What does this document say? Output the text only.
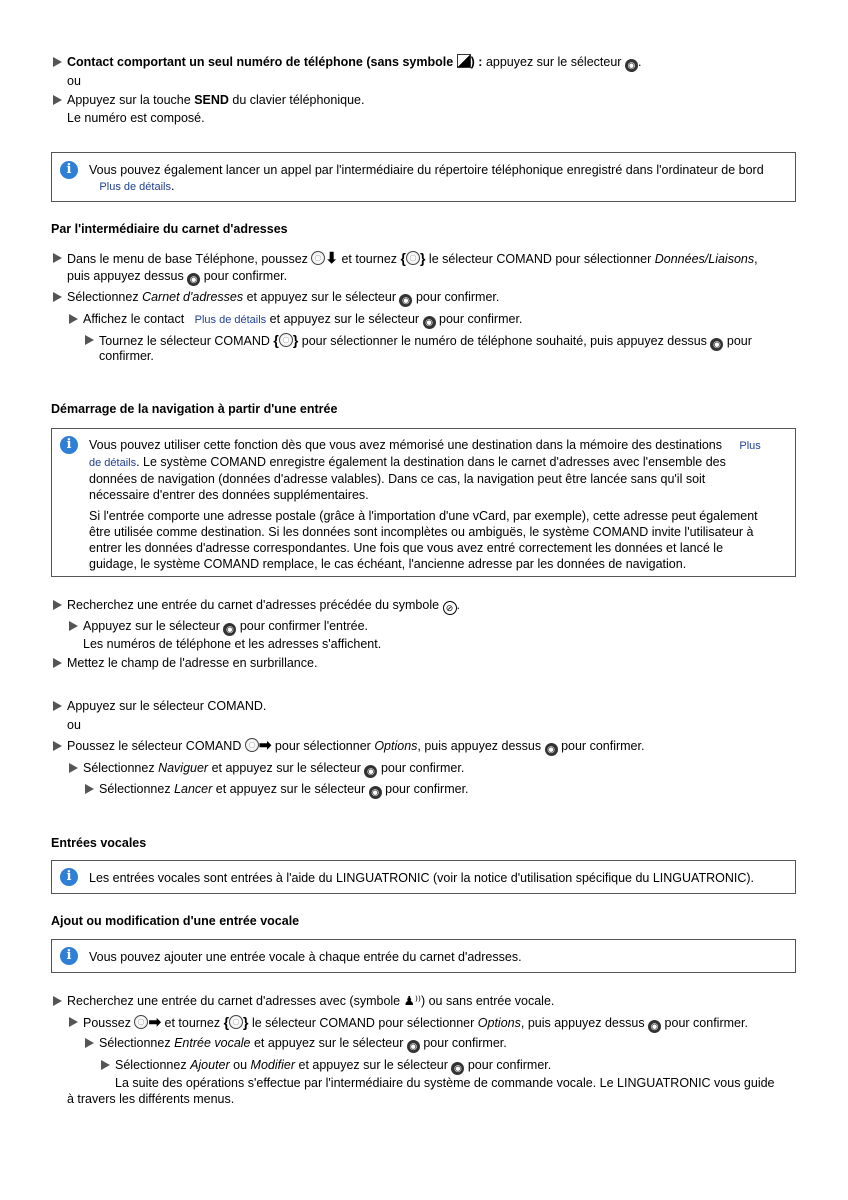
Contact comportant un seul numéro de téléphone (sans symbole ) : appuyez sur le sélecteur ◉ .
ou
Appuyez sur la touche SEND du clavier téléphonique.
Le numéro est composé.
i	Vous pouvez également lancer un appel par l'intermédiaire du répertoire téléphonique enregistré dans l'ordinateur de bord
Plus de détails.
Par l'intermédiaire du carnet d'adresses
Dans le menu de base Téléphone, poussez ⬇ et tournez { } le sélecteur COMAND pour sélectionner Données/Liaisons,
puis appuyez dessus ◉ pour confirmer.
Sélectionnez Carnet d'adresses et appuyez sur le sélecteur ◉ pour confirmer.
Affichez le contact Plus de détails et appuyez sur le sélecteur ◉ pour confirmer.
Tournez le sélecteur COMAND { } pour sélectionner le numéro de téléphone souhaité, puis appuyez dessus ◉ pour
confirmer.
Démarrage de la navigation à partir d'une entrée
i	Vous pouvez utiliser cette fonction dès que vous avez mémorisé une destination dans la mémoire des destinations Plus
de détails. Le système COMAND enregistre également la destination dans le carnet d'adresses avec l'ensemble des
données de navigation (données d'adresse valables). Dans ce cas, la navigation peut être lancée sans qu'il soit
nécessaire d'entrer des données supplémentaires.
Si l'entrée comporte une adresse postale (grâce à l'importation d'une vCard, par exemple), cette adresse peut également
être utilisée comme destination. Si les données sont incomplètes ou ambiguës, le système COMAND invite l'utilisateur à
entrer les données d'adresse correspondantes. Une fois que vous avez entré correctement les données et lancé le
guidage, le système COMAND remplace, le cas échéant, l'ancienne adresse par les données de navigation.
Recherchez une entrée du carnet d'adresses précédée du symbole ⊘ .
Appuyez sur le sélecteur ◉ pour confirmer l'entrée.
Les numéros de téléphone et les adresses s'affichent.
Mettez le champ de l'adresse en surbrillance.
Appuyez sur le sélecteur COMAND.
ou
Poussez le sélecteur COMAND ➡ pour sélectionner Options, puis appuyez dessus ◉ pour confirmer.
Sélectionnez Naviguer et appuyez sur le sélecteur ◉ pour confirmer.
Sélectionnez Lancer et appuyez sur le sélecteur ◉ pour confirmer.
Entrées vocales
i	Les entrées vocales sont entrées à l'aide du LINGUATRONIC (voir la notice d'utilisation spécifique du LINGUATRONIC).
Ajout ou modification d'une entrée vocale
i	Vous pouvez ajouter une entrée vocale à chaque entrée du carnet d'adresses.
Recherchez une entrée du carnet d'adresses avec (symbole ♟⁾⁾) ou sans entrée vocale.
Poussez ➡ et tournez { } le sélecteur COMAND pour sélectionner Options, puis appuyez dessus ◉ pour confirmer.
Sélectionnez Entrée vocale et appuyez sur le sélecteur ◉ pour confirmer.
Sélectionnez Ajouter ou Modifier et appuyez sur le sélecteur ◉ pour confirmer.
La suite des opérations s'effectue par l'intermédiaire du système de commande vocale. Le LINGUATRONIC vous guide
à travers les différents menus.
